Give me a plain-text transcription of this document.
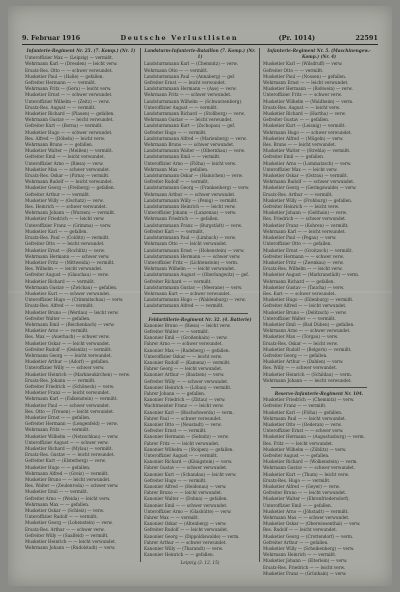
9. Februar 1916	Deutsche Verlustlisten	(Pr. 1014)	22591
Infanterie-Regiment Nr. 25. (7. Komp.) (Nr. 1)
Unteroffizier Max — (Leipzig) — vermißt.
Wehrmann Karl — (Dresden) — leicht verw.
Ersatz-Res. Otto — — schwer verwundet.
Musketier Paul — (Halle) — gefallen.
Gefreiter Hermann — — vermißt.
Wehrmann Fritz — (Gera) — leicht verw.
Musketier Ernst — — schwer verwundet.
Unteroffizier Wilhelm — (Zeitz) — verw.
Ersatz-Res. August — — vermißt.
Musketier Richard — (Plauen) — gefallen.
Wehrmann Gustav — — leicht verwundet.
Gefreiter Kurt — (Borna) — vermißt.
Musketier Hugo — — schwer verwundet.
Res. Alfred — (Döbeln) — leicht verw.
Wehrmann Bruno — — gefallen.
Musketier Walter — (Meißen) — vermißt.
Gefreiter Emil — — leicht verwundet.
Unteroffizier Arno — (Riesa) — verw.
Musketier Max — — schwer verwundet.
Ersatz-Res. Oskar — (Pirna) — vermißt.
Wehrmann Rudolf — — leicht verwundet.
Musketier Georg — (Freiberg) — gefallen.
Gefreiter Arthur — — vermißt.
Musketier Willy — (Oschatz) — verw.
Res. Heinrich — — schwer verwundet.
Wehrmann Johann — (Wurzen) — vermißt.
Musketier Friedrich — — leicht verw.
Unteroffizier Franz — (Grimma) — verw.
Musketier Karl — — gefallen.
Ersatz-Res. Paul — (Colditz) — vermißt.
Gefreiter Otto — — leicht verwundet.
Musketier Ernst — (Rochlitz) — verw.
Wehrmann Hermann — — schwer verw.
Musketier Fritz — (Mittweida) — vermißt.
Res. Wilhelm — — leicht verwundet.
Gefreiter August — (Glauchau) — verw.
Musketier Richard — — vermißt.
Wehrmann Gustav — (Zwickau) — gefallen.
Musketier Kurt — — schwer verwundet.
Unteroffizier Hugo — (Crimmitschau) — verw.
Ersatz-Res. Alfred — — vermißt.
Musketier Bruno — (Werdau) — leicht verw.
Gefreiter Walter — — gefallen.
Wehrmann Emil — (Reichenbach) — verw.
Musketier Arno — — vermißt.
Res. Max — (Auerbach) — schwer verw.
Musketier Oskar — — leicht verwundet.
Gefreiter Rudolf — (Oelsnitz) — vermißt.
Wehrmann Georg — — leicht verwundet.
Musketier Arthur — (Adorf) — gefallen.
Unteroffizier Willy — — schwer verw.
Musketier Heinrich — (Markneukirchen) — verw.
Ersatz-Res. Johann — — vermißt.
Gefreiter Friedrich — (Schöneck) — verw.
Musketier Franz — — leicht verwundet.
Wehrmann Karl — (Falkenstein) — vermißt.
Musketier Paul — — schwer verwundet.
Res. Otto — (Treuen) — leicht verwundet.
Musketier Ernst — — gefallen.
Gefreiter Hermann — (Lengenfeld) — verw.
Wehrmann Fritz — — vermißt.
Musketier Wilhelm — (Netzschkau) — verw.
Unteroffizier August — — schwer verw.
Musketier Richard — (Mylau) — vermißt.
Ersatz-Res. Gustav — — leicht verwundet.
Gefreiter Kurt — (Elsterberg) — verw.
Musketier Hugo — — gefallen.
Wehrmann Alfred — (Greiz) — vermißt.
Musketier Bruno — — leicht verwundet.
Res. Walter — (Zeulenroda) — schwer verw.
Musketier Emil — — vermißt.
Gefreiter Arno — (Weida) — leicht verw.
Wehrmann Max — — gefallen.
Musketier Oskar — (Schleiz) — verw.
Unteroffizier Rudolf — — vermißt.
Musketier Georg — (Lobenstein) — verw.
Ersatz-Res. Arthur — — schwer verw.
Gefreiter Willy — (Saalfeld) — vermißt.
Musketier Heinrich — — leicht verwundet.
Wehrmann Johann — (Rudolstadt) — verw.
Landsturm-Infanterie-Bataillon (7. Komp.) (Nr. 1)
Landsturmmann Karl — (Chemnitz) — verw.
Wehrmann Otto — — vermißt.
Landsturmmann Paul — (Annaberg) — gef.
Gefreiter Ernst — — leicht verwundet.
Landsturmmann Hermann — (Aue) — verw.
Wehrmann Fritz — — schwer verwundet.
Landsturmmann Wilhelm — (Schwarzenberg).
Unteroffizier August — — vermißt.
Landsturmmann Richard — (Stollberg) — verw.
Wehrmann Gustav — — leicht verwundet.
Landsturmmann Kurt — (Zschopau) — gef.
Gefreiter Hugo — — vermißt.
Landsturmmann Alfred — (Marienberg) — verw.
Wehrmann Bruno — — schwer verwundet.
Landsturmmann Walter — (Olbernhau) — verw.
Landsturmmann Emil — — vermißt.
Unteroffizier Arno — (Flöha) — leicht verw.
Wehrmann Max — — gefallen.
Landsturmmann Oskar — (Hainichen) — verw.
Gefreiter Rudolf — — vermißt.
Landsturmmann Georg — (Frankenberg) — verw.
Wehrmann Arthur — — schwer verwundet.
Landsturmmann Willy — (Penig) — vermißt.
Landsturmmann Heinrich — — leicht verw.
Unteroffizier Johann — (Lunzenau) — verw.
Wehrmann Friedrich — — gefallen.
Landsturmmann Franz — (Burgstädt) — verw.
Gefreiter Karl — — vermißt.
Landsturmmann Paul — (Limbach) — verw.
Wehrmann Otto — — leicht verwundet.
Landsturmmann Ernst — (Hohenstein) — verw.
Landsturmmann Hermann — — schwer verw.
Unteroffizier Fritz — (Lichtenstein) — verm.
Wehrmann Wilhelm — — leicht verwundet.
Landsturmmann August — (Oberlungwitz) — gef.
Gefreiter Richard — — vermißt.
Landsturmmann Gustav — (Meerane) — verw.
Wehrmann Kurt — — schwer verwundet.
Landsturmmann Hugo — (Waldenburg) — verw.
Landsturmmann Alfred — — vermißt.
Feldartillerie-Regiment Nr. 32. (4. Batterie)
Kanonier Bruno — (Riesa) — leicht verw.
Gefreiter Walter — — vermißt.
Kanonier Emil — (Großenhain) — verw.
Fahrer Arno — — schwer verwundet.
Kanonier Max — (Radeberg) — gefallen.
Unteroffizier Oskar — — leicht verw.
Kanonier Rudolf — (Kamenz) — vermißt.
Fahrer Georg — — leicht verwundet.
Kanonier Arthur — (Bautzen) — verw.
Gefreiter Willy — — schwer verwundet.
Kanonier Heinrich — (Löbau) — vermißt.
Fahrer Johann — — gefallen.
Kanonier Friedrich — (Zittau) — verw.
Wachtmeister Franz — — leicht verw.
Kanonier Karl — (Bischofswerda) — verm.
Fahrer Paul — — schwer verwundet.
Kanonier Otto — (Neustadt) — verw.
Gefreiter Ernst — — vermißt.
Kanonier Hermann — (Sebnitz) — verw.
Fahrer Fritz — — leicht verwundet.
Kanonier Wilhelm — (Stolpen) — gefallen.
Unteroffizier August — — vermißt.
Kanonier Richard — (Königstein) — verw.
Fahrer Gustav — — schwer verwundet.
Kanonier Kurt — (Schandau) — leicht verw.
Gefreiter Hugo — — vermißt.
Kanonier Alfred — (Heidenau) — verw.
Fahrer Bruno — — leicht verwundet.
Kanonier Walter — (Dohna) — gefallen.
Kanonier Emil — — schwer verwundet.
Unteroffizier Arno — (Glashütte) — verw.
Fahrer Max — — vermißt.
Kanonier Oskar — (Altenberg) — verw.
Gefreiter Rudolf — — leicht verwundet.
Kanonier Georg — (Dippoldiswalde) — verm.
Fahrer Arthur — — schwer verwundet.
Kanonier Willy — (Tharandt) — verw.
Kanonier Heinrich — — gefallen.
Leipzig (3. 12. 15)
Infanterie-Regiment Nr. 5. (Maschinengew.-Komp.) (Nr. 4)
Musketier Karl — (Wilsdruff) — verw.
Gefreiter Otto — — vermißt.
Musketier Paul — (Nossen) — gefallen.
Wehrmann Ernst — — leicht verwundet.
Musketier Hermann — (Roßwein) — verw.
Unteroffizier Fritz — — schwer verw.
Musketier Wilhelm — (Waldheim) — verm.
Ersatz-Res. August — — leicht verw.
Musketier Richard — (Hartha) — verw.
Gefreiter Gustav — — gefallen.
Musketier Kurt — (Leisnig) — vermißt.
Wehrmann Hugo — — schwer verwundet.
Musketier Alfred — (Mügeln) — verw.
Res. Bruno — — leicht verwundet.
Musketier Walter — (Strehla) — vermißt.
Gefreiter Emil — — gefallen.
Musketier Arno — (Lommatzsch) — verw.
Unteroffizier Max — — leicht verw.
Musketier Oskar — (Ostrau) — vermißt.
Wehrmann Rudolf — — schwer verwundet.
Musketier Georg — (Geringswalde) — verw.
Ersatz-Res. Arthur — — vermißt.
Musketier Willy — (Frohburg) — gefallen.
Gefreiter Heinrich — — leicht verw.
Musketier Johann — (Geithain) — verw.
Res. Friedrich — — schwer verwundet.
Musketier Franz — (Kohren) — vermißt.
Wehrmann Karl — — leicht verwundet.
Musketier Paul — (Pegau) — verw.
Unteroffizier Otto — — gefallen.
Musketier Ernst — (Groitzsch) — vermißt.
Gefreiter Hermann — — schwer verw.
Musketier Fritz — (Zwenkau) — verw.
Ersatz-Res. Wilhelm — — leicht verw.
Musketier August — (Markranstädt) — verm.
Wehrmann Richard — — gefallen.
Musketier Gustav — (Taucha) — verw.
Res. Kurt — — schwer verwundet.
Musketier Hugo — (Eilenburg) — vermißt.
Gefreiter Alfred — — leicht verwundet.
Musketier Bruno — (Delitzsch) — verw.
Unteroffizier Walter — — vermißt.
Musketier Emil — (Bad Düben) — gefallen.
Wehrmann Arno — — schwer verwundet.
Musketier Max — (Torgau) — verw.
Ersatz-Res. Oskar — — leicht verw.
Musketier Rudolf — (Belgern) — vermißt.
Gefreiter Georg — — gefallen.
Musketier Arthur — (Dahlen) — verw.
Res. Willy — — schwer verwundet.
Musketier Heinrich — (Schildau) — verm.
Wehrmann Johann — — leicht verwundet.
Reserve-Infanterie-Regiment Nr. 104.
Musketier Friedrich — (Chemnitz) — verw.
Gefreiter Franz — — vermißt.
Musketier Karl — (Flöha) — gefallen.
Wehrmann Paul — — leicht verwundet.
Musketier Otto — (Oederan) — verw.
Unteroffizier Ernst — — schwer verw.
Musketier Hermann — (Augustusburg) — verm.
Res. Fritz — — leicht verwundet.
Musketier Wilhelm — (Zöblitz) — verw.
Gefreiter August — — gefallen.
Musketier Richard — (Wolkenstein) — verm.
Wehrmann Gustav — — schwer verwundet.
Musketier Kurt — (Thum) — leicht verw.
Ersatz-Res. Hugo — — vermißt.
Musketier Alfred — (Geyer) — verw.
Gefreiter Bruno — — leicht verwundet.
Musketier Walter — (Ehrenfriedersdorf).
Unteroffizier Emil — — gefallen.
Musketier Arno — (Jöhstadt) — vermißt.
Wehrmann Max — — schwer verwundet.
Musketier Oskar — (Oberwiesenthal) — verw.
Res. Rudolf — — leicht verwundet.
Musketier Georg — (Crottendorf) — verm.
Gefreiter Arthur — — gefallen.
Musketier Willy — (Scheibenberg) — verw.
Wehrmann Heinrich — — vermißt.
Musketier Johann — (Elterlein) — verw.
Ersatz-Res. Friedrich — — leicht verw.
Musketier Franz — (Grünhain) — verw.
